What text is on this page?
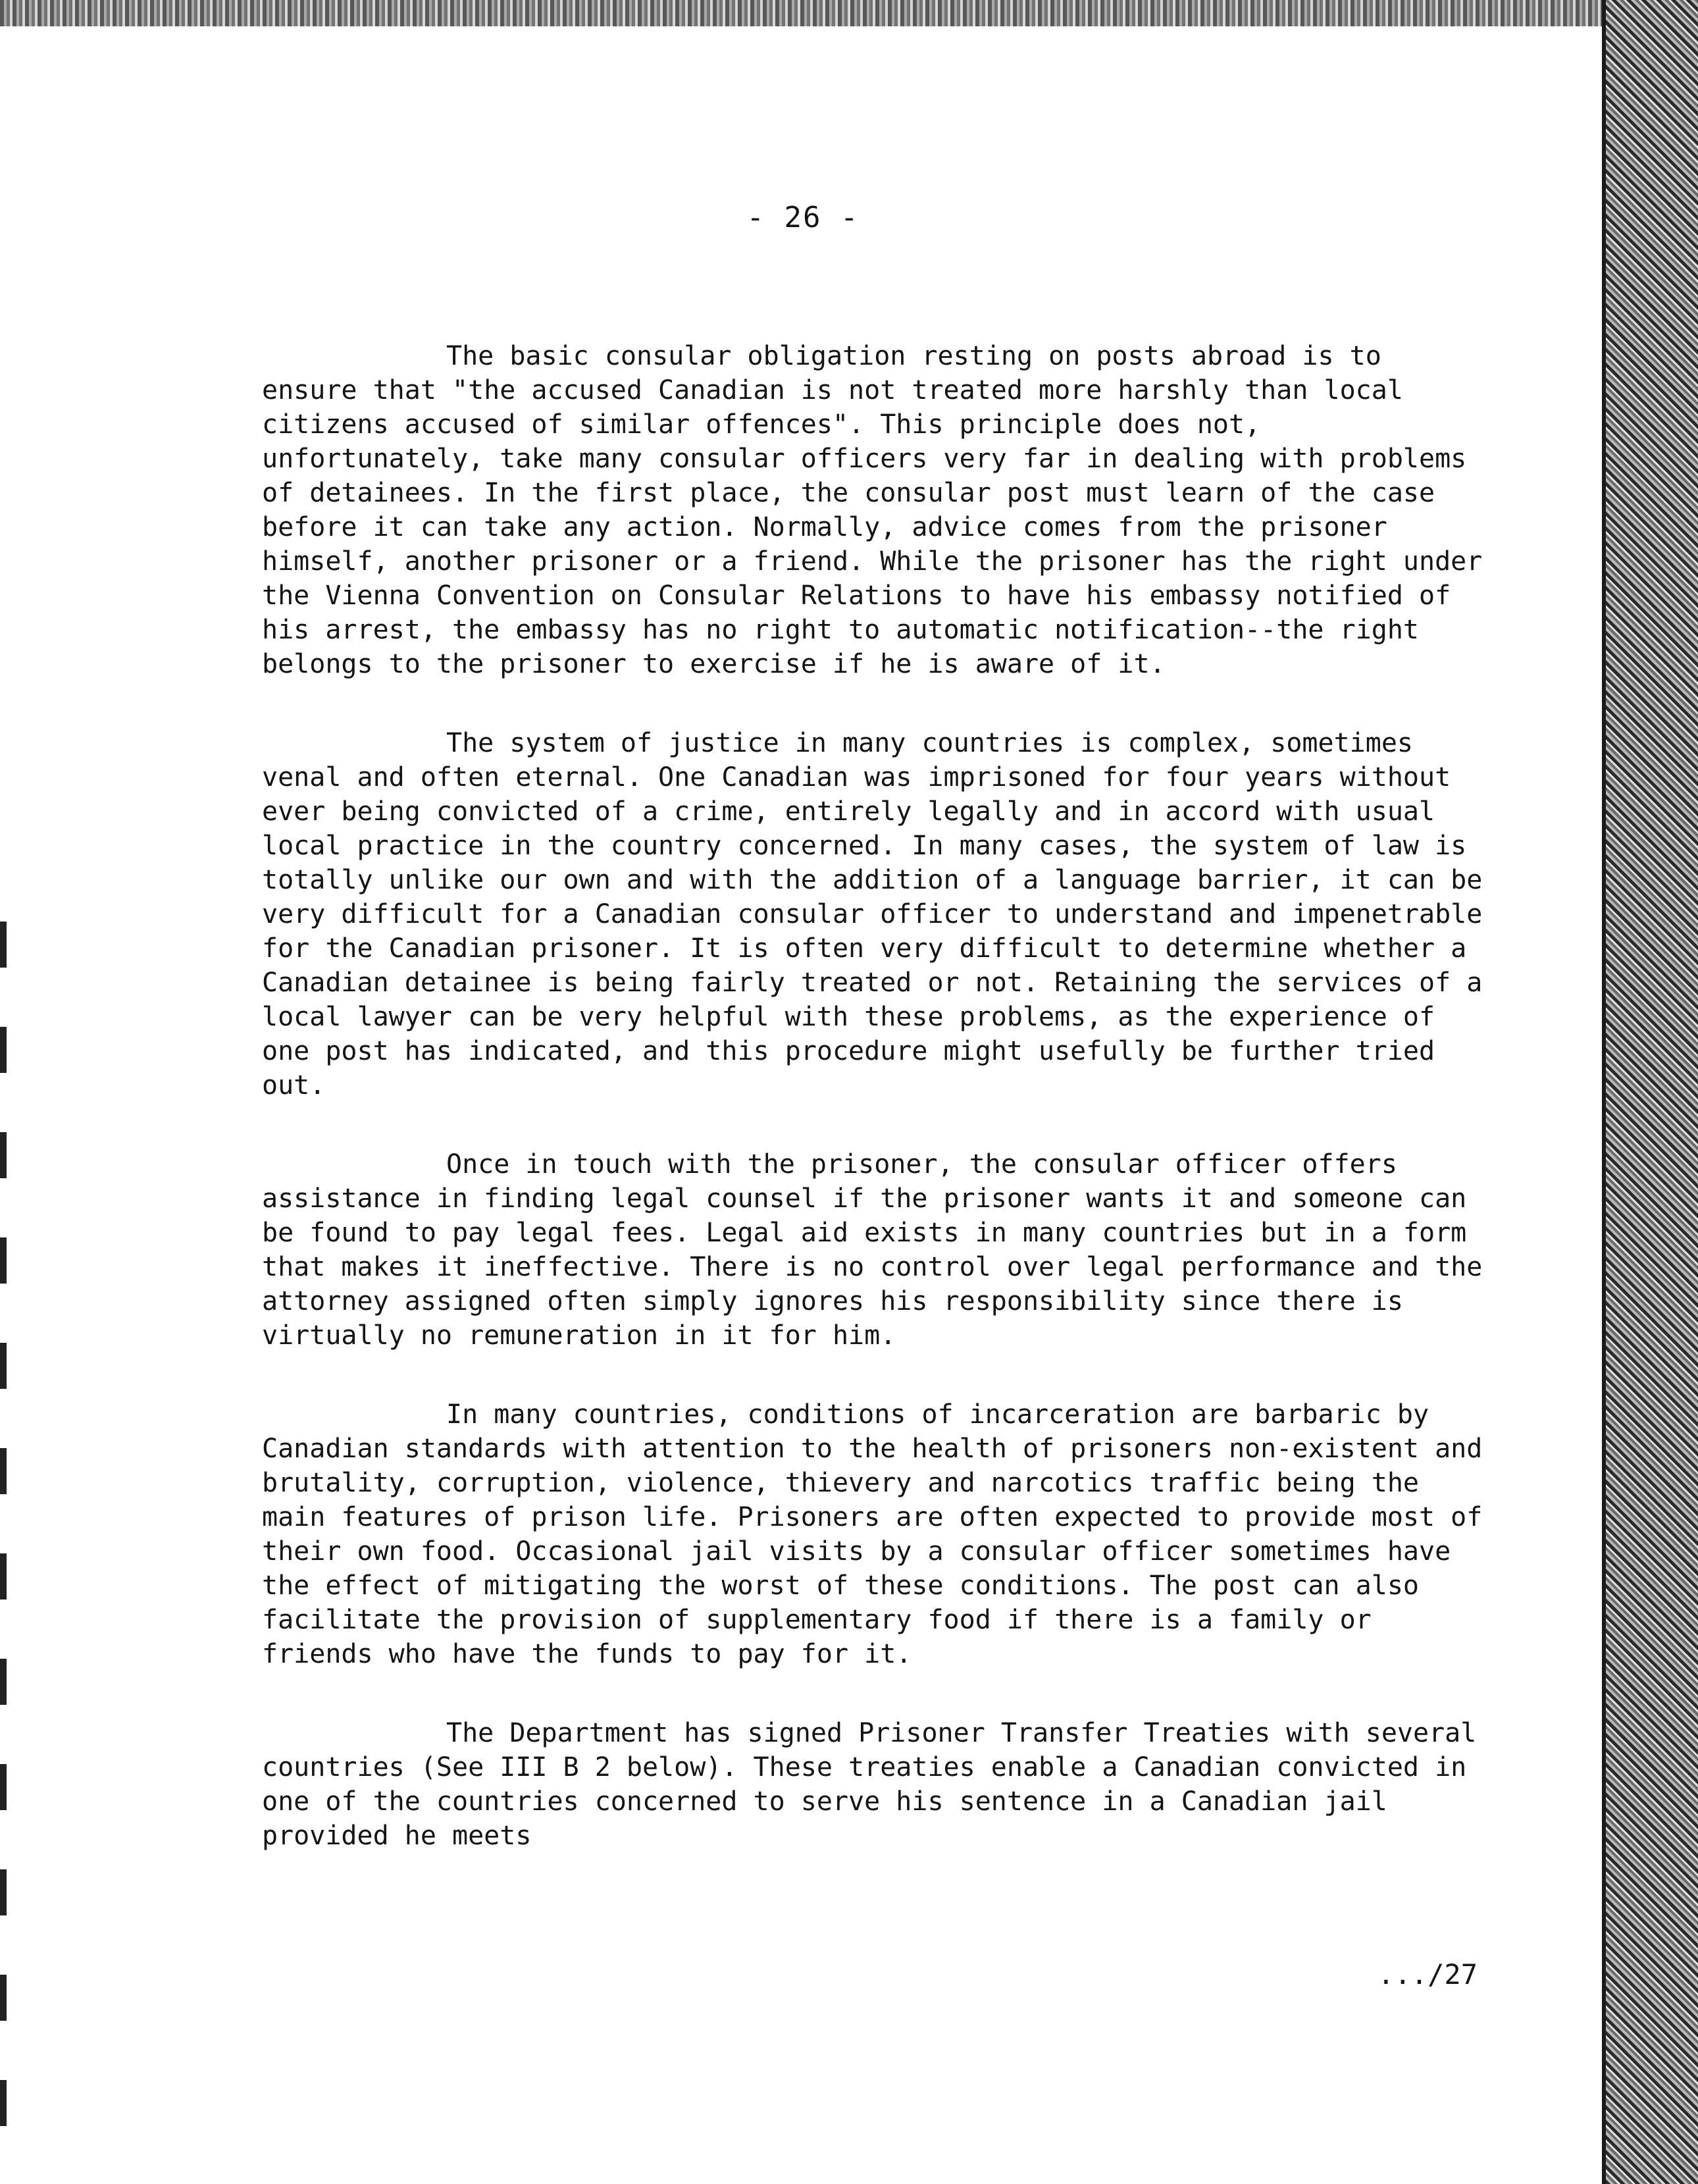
- 26 -

The basic consular obligation resting on posts abroad is to ensure that "the accused Canadian is not treated more harshly than local citizens accused of similar offences". This principle does not, unfortunately, take many consular officers very far in dealing with problems of detainees. In the first place, the consular post must learn of the case before it can take any action. Normally, advice comes from the prisoner himself, another prisoner or a friend. While the prisoner has the right under the Vienna Convention on Consular Relations to have his embassy notified of his arrest, the embassy has no right to automatic notification--the right belongs to the prisoner to exercise if he is aware of it.

The system of justice in many countries is complex, sometimes venal and often eternal. One Canadian was imprisoned for four years without ever being convicted of a crime, entirely legally and in accord with usual local practice in the country concerned. In many cases, the system of law is totally unlike our own and with the addition of a language barrier, it can be very difficult for a Canadian consular officer to understand and impenetrable for the Canadian prisoner. It is often very difficult to determine whether a Canadian detainee is being fairly treated or not. Retaining the services of a local lawyer can be very helpful with these problems, as the experience of one post has indicated, and this procedure might usefully be further tried out.

Once in touch with the prisoner, the consular officer offers assistance in finding legal counsel if the prisoner wants it and someone can be found to pay legal fees. Legal aid exists in many countries but in a form that makes it ineffective. There is no control over legal performance and the attorney assigned often simply ignores his responsibility since there is virtually no remuneration in it for him.

In many countries, conditions of incarceration are barbaric by Canadian standards with attention to the health of prisoners non-existent and brutality, corruption, violence, thievery and narcotics traffic being the main features of prison life. Prisoners are often expected to provide most of their own food. Occasional jail visits by a consular officer sometimes have the effect of mitigating the worst of these conditions. The post can also facilitate the provision of supplementary food if there is a family or friends who have the funds to pay for it.

The Department has signed Prisoner Transfer Treaties with several countries (See III B 2 below). These treaties enable a Canadian convicted in one of the countries concerned to serve his sentence in a Canadian jail provided he meets

.../27
